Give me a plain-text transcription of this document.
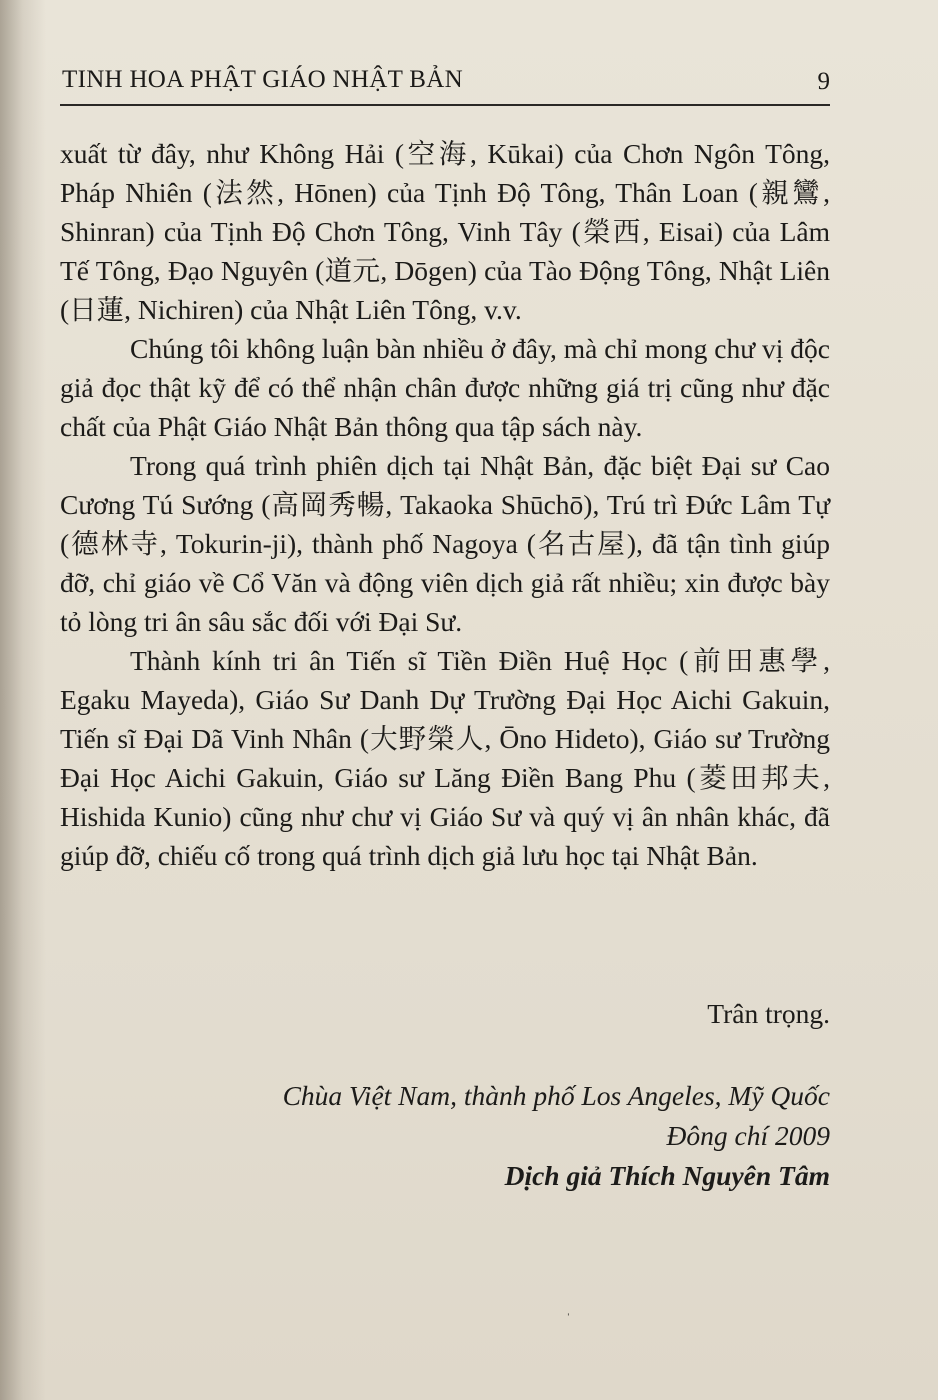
TINH HOA PHẬT GIÁO NHẬT BẢN	9

xuất từ đây, như Không Hải (空海, Kūkai) của Chơn Ngôn Tông, Pháp Nhiên (法然, Hōnen) của Tịnh Độ Tông, Thân Loan (親鸞, Shinran) của Tịnh Độ Chơn Tông, Vinh Tây (榮西, Eisai) của Lâm Tế Tông, Đạo Nguyên (道元, Dōgen) của Tào Động Tông, Nhật Liên (日蓮, Nichiren) của Nhật Liên Tông, v.v.

Chúng tôi không luận bàn nhiều ở đây, mà chỉ mong chư vị độc giả đọc thật kỹ để có thể nhận chân được những giá trị cũng như đặc chất của Phật Giáo Nhật Bản thông qua tập sách này.

Trong quá trình phiên dịch tại Nhật Bản, đặc biệt Đại sư Cao Cương Tú Sướng (高岡秀暢, Takaoka Shūchō), Trú trì Đức Lâm Tự (德林寺, Tokurin-ji), thành phố Nagoya (名古屋), đã tận tình giúp đỡ, chỉ giáo về Cổ Văn và động viên dịch giả rất nhiều; xin được bày tỏ lòng tri ân sâu sắc đối với Đại Sư.

Thành kính tri ân Tiến sĩ Tiền Điền Huệ Học (前田惠學, Egaku Mayeda), Giáo Sư Danh Dự Trường Đại Học Aichi Gakuin, Tiến sĩ Đại Dã Vinh Nhân (大野榮人, Ōno Hideto), Giáo sư Trường Đại Học Aichi Gakuin, Giáo sư Lăng Điền Bang Phu (菱田邦夫, Hishida Kunio) cũng như chư vị Giáo Sư và quý vị ân nhân khác, đã giúp đỡ, chiếu cố trong quá trình dịch giả lưu học tại Nhật Bản.

Trân trọng.
Chùa Việt Nam, thành phố Los Angeles, Mỹ Quốc
Đông chí 2009
Dịch giả Thích Nguyên Tâm
ˈ
